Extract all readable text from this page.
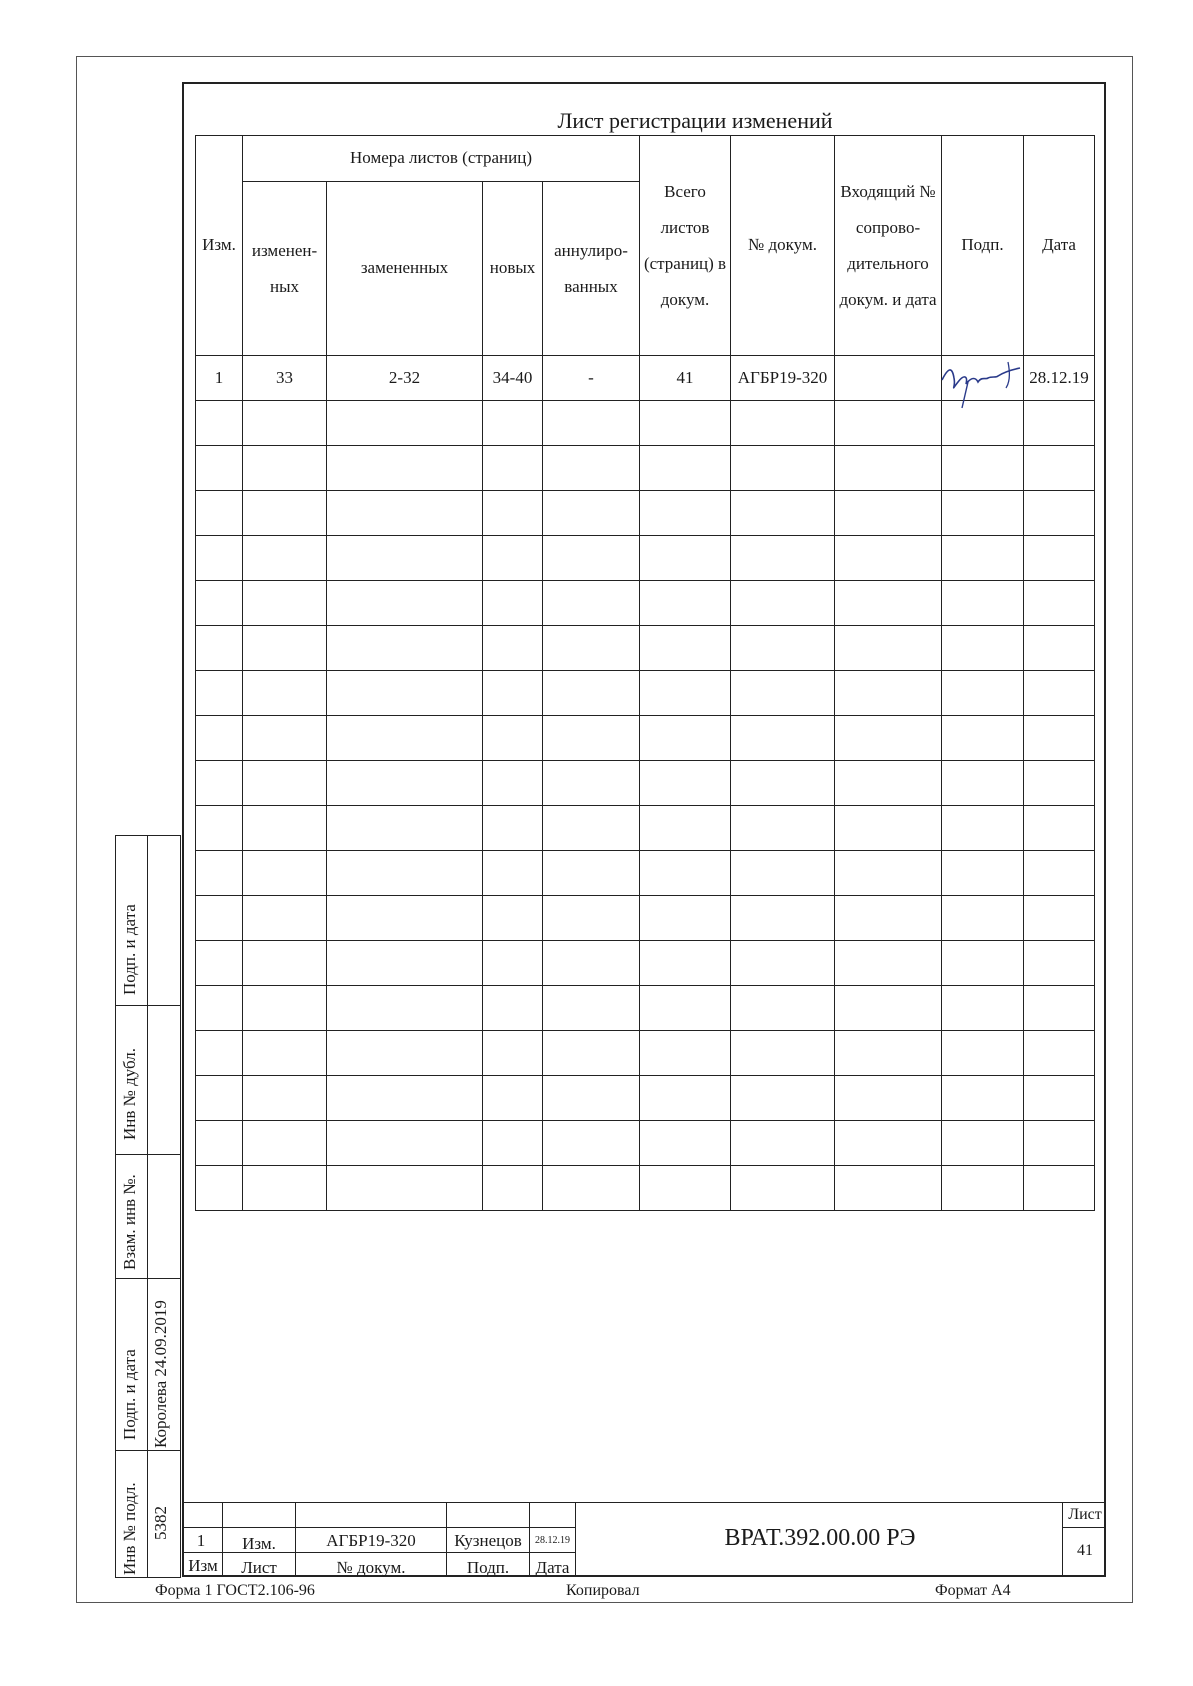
Лист регистрации изменений
Изм.	Номера листов (страниц)				Всего листов (страниц) в докум.	№ докум.	Входящий № сопрово-дительного докум. и дата	Подп.	Дата
	изменен-ных	замененных	новых	аннулиро-ванных					
1	33	2-32	34-40	-	41	АГБР19-320			28.12.19

Инв № подл. 5382
Подп. и дата Королева 24.09.2019
Взам. инв №.
Инв № дубл.
Подп. и дата
1	Изм.	АГБР19-320	Кузнецов	28.12.19
Изм	Лист	№ докум.	Подп.	Дата
ВРАТ.392.00.00 РЭ
Лист
41
Форма 1 ГОСТ2.106-96	Копировал	Формат А4
